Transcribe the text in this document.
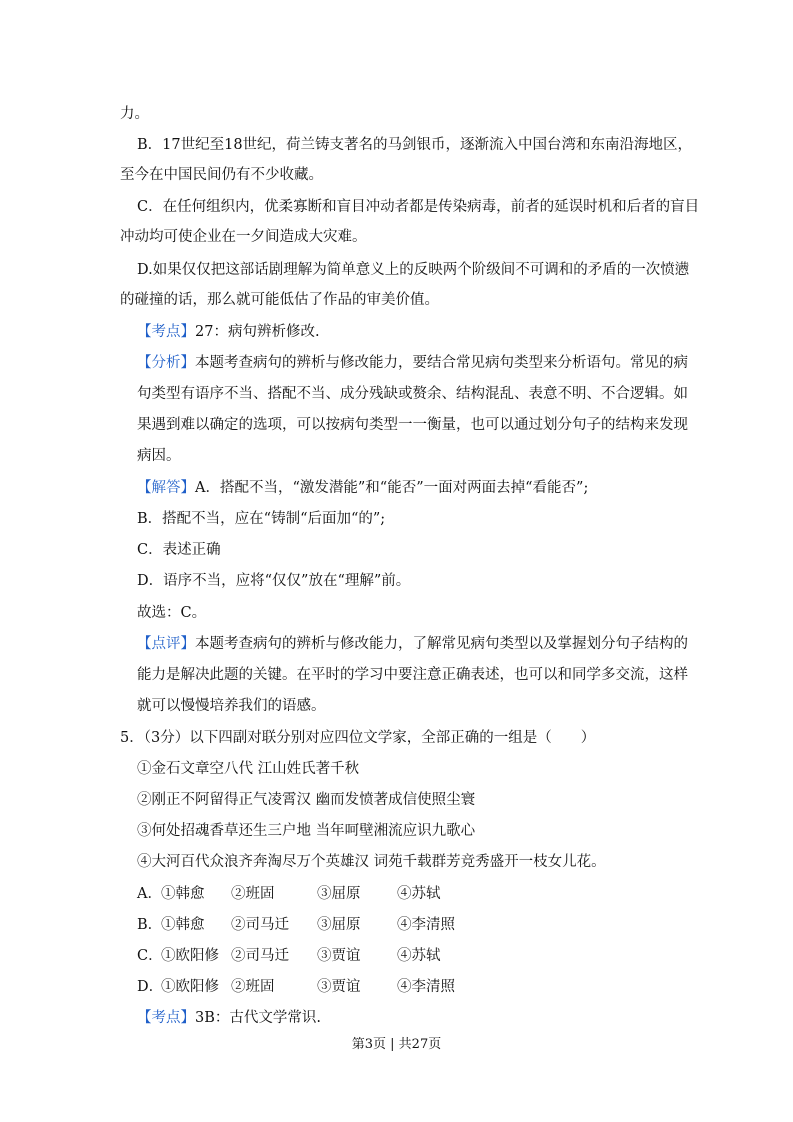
力。
B．17世纪至18世纪，荷兰铸支著名的马剑银币，逐渐流入中国台湾和东南沿海地区，
至今在中国民间仍有不少收藏。
C．在任何组织内，优柔寡断和盲目冲动者都是传染病毒，前者的延误时机和后者的盲目
冲动均可使企业在一夕间造成大灾难。
D.如果仅仅把这部话剧理解为简单意义上的反映两个阶级间不可调和的矛盾的一次愤懑
的碰撞的话，那么就可能低估了作品的审美价值。
【考点】27：病句辨析修改.
【分析】本题考查病句的辨析与修改能力，要结合常见病句类型来分析语句。常见的病
句类型有语序不当、搭配不当、成分残缺或赘余、结构混乱、表意不明、不合逻辑。如
果遇到难以确定的选项，可以按病句类型一一衡量，也可以通过划分句子的结构来发现
病因。
【解答】A．搭配不当，“激发潜能”和“能否”一面对两面去掉“看能否”;
B．搭配不当，应在“铸制“后面加“的”;
C．表述正确
D．语序不当，应将“仅仅”放在“理解”前。
故选：C。
【点评】本题考查病句的辨析与修改能力，了解常见病句类型以及掌握划分句子结构的
能力是解决此题的关键。在平时的学习中要注意正确表述，也可以和同学多交流，这样
就可以慢慢培养我们的语感。
5．（3分）以下四副对联分别对应四位文学家，全部正确的一组是（　　）
①金石文章空八代 江山姓氏著千秋
②刚正不阿留得正气凌霄汉 幽而发愤著成信使照尘寰
③何处招魂香草还生三户地 当年呵壁湘流应识九歌心
④大河百代众浪齐奔淘尽万个英雄汉 词苑千载群芳竞秀盛开一枝女儿花。
A．①韩愈 ②班固	③屈原	④苏轼
B．①韩愈 ②司马迁 ③屈原	④李清照
C．①欧阳修 ②司马迁 ③贾谊	④苏轼
D．①欧阳修 ②班固	③贾谊	④李清照
【考点】3B：古代文学常识.
第3页 | 共27页
